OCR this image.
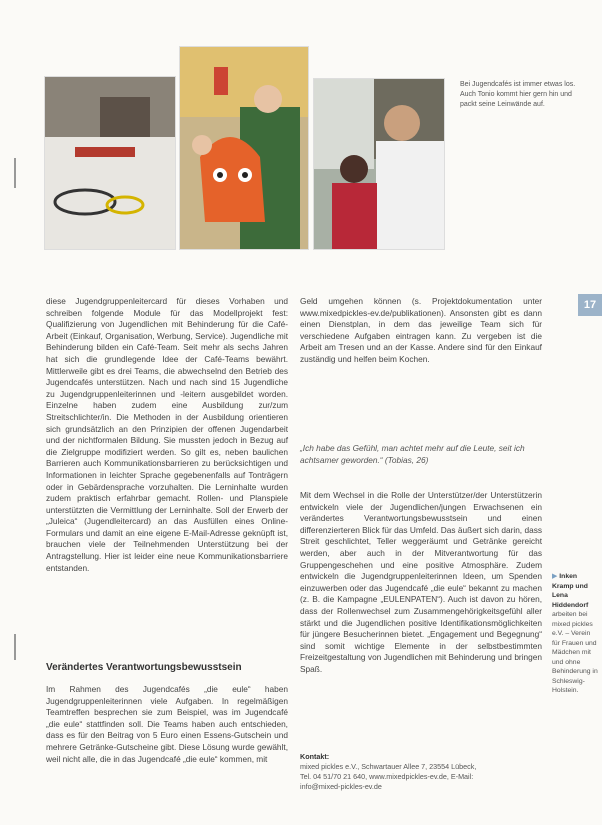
Bei Jugendcafés ist immer etwas los. Auch Tonio kommt hier gern hin und packt seine Leinwände auf.
17

diese Jugendgruppenleitercard für dieses Vorhaben und schreiben folgende Module für das Modellprojekt fest: Qualifizierung von Jugendlichen mit Behinderung für die Café-Arbeit (Einkauf, Organisation, Werbung, Service). Jugendliche mit Behinderung bilden ein Café-Team. Seit mehr als sechs Jahren hat sich die grundlegende Idee der Café-Teams bewährt. Mittlerweile gibt es drei Teams, die abwechselnd den Betrieb des Jugendcafés unterstützen. Nach und nach sind 15 Jugendliche zu Jugendgruppenleiterinnen und -leitern ausgebildet worden. Einzelne haben zudem eine Ausbildung zur/zum Streitschlichter/in. Die Methoden in der Ausbildung orientieren sich grundsätzlich an den Prinzipien der offenen Jugendarbeit und der nichtformalen Bildung. Sie mussten jedoch in Bezug auf die Zielgruppe modifiziert werden. So gilt es, neben baulichen Barrieren auch Kommunikationsbarrieren zu berücksichtigen und Informationen in leichter Sprache gegebenenfalls auf Tonträgern oder in Gebärdensprache vorzuhalten. Die Lerninhalte wurden zudem praktisch erfahrbar gemacht. Rollen- und Planspiele unterstützten die Vermittlung der Lerninhalte. Soll der Erwerb der „Juleica“ (Jugendleitercard) an das Ausfüllen eines Online-Formulars und damit an eine eigene E-Mail-Adresse geknüpft ist, brauchen viele der Teilnehmenden Unterstützung bei der Antragstellung. Hier ist leider eine neue Kommunikationsbarriere entstanden.

Verändertes Verantwortungsbewusstsein

Im Rahmen des Jugendcafés „die eule“ haben Jugendgruppenleiterinnen viele Aufgaben. In regelmäßigen Teamtreffen besprechen sie zum Beispiel, was im Jugendcafé „die eule“ stattfinden soll. Die Teams haben auch entschieden, dass es für den Beitrag von 5 Euro einen Essens-Gutschein und mehrere Getränke-Gutscheine gibt. Diese Lösung wurde gewählt, weil nicht alle, die in das Jugendcafé „die eule“ kommen, mit

Geld umgehen können (s. Projektdokumentation unter www.mixedpickles-ev.de/publikationen). Ansonsten gibt es dann einen Dienstplan, in dem das jeweilige Team sich für verschiedene Aufgaben eintragen kann. Zu vergeben ist die Arbeit am Tresen und an der Kasse. Andere sind für den Einkauf zuständig und helfen beim Kochen.

„Ich habe das Gefühl, man achtet mehr auf die Leute, seit ich achtsamer geworden.“ (Tobias, 26)

Mit dem Wechsel in die Rolle der Unterstützer/der Unterstützerin entwickeln viele der Jugendlichen/jungen Erwachsenen ein verändertes Verantwortungsbewusstsein und einen differenzierteren Blick für das Umfeld. Das äußert sich darin, dass Streit geschlichtet, Teller weggeräumt und Getränke gereicht werden, aber auch in der Mitverantwortung für das Gruppengeschehen und eine positive Atmosphäre. Zudem entwickeln die Jugendgruppenleiterinnen Ideen, um Spenden einzuwerben oder das Jugendcafé „die eule“ bekannt zu machen (z. B. die Kampagne „EULENPATEN“). Auch ist davon zu hören, dass der Rollenwechsel zum Zusammengehörigkeitsgefühl aller stärkt und die Jugendlichen positive Identifikationsmöglichkeiten für jüngere Besucherinnen bietet. „Engagement und Begegnung“ sind somit wichtige Elemente in der selbstbestimmten Freizeitgestaltung von Jugendlichen mit Behinderung und bringen Spaß.

Kontakt:
mixed pickles e.V., Schwartauer Allee 7, 23554 Lübeck,
Tel. 04 51/70 21 640, www.mixedpickles-ev.de, E-Mail:
info@mixed-pickles-ev.de
▶ Inken Kramp und Lena Hiddendorf arbeiten bei mixed pickles e.V. – Verein für Frauen und Mädchen mit und ohne Behinderung in Schleswig-Holstein.
